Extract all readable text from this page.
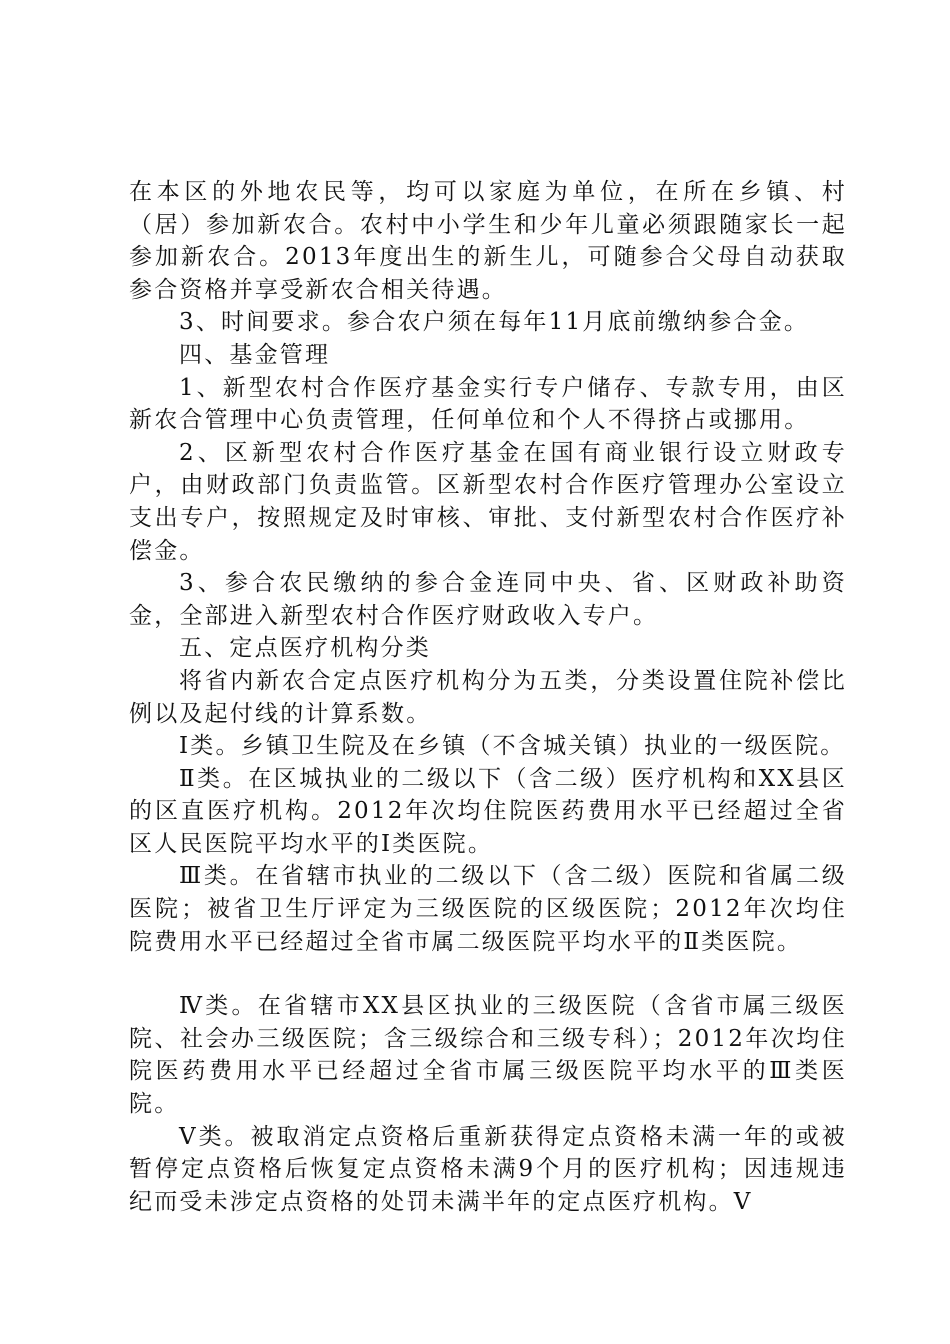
在本区的外地农民等，均可以家庭为单位，在所在乡镇、村（居）参加新农合。农村中小学生和少年儿童必须跟随家长一起参加新农合。2013年度出生的新生儿，可随参合父母自动获取参合资格并享受新农合相关待遇。

3、时间要求。参合农户须在每年11月底前缴纳参合金。

四、基金管理

1、新型农村合作医疗基金实行专户储存、专款专用，由区新农合管理中心负责管理，任何单位和个人不得挤占或挪用。

2、区新型农村合作医疗基金在国有商业银行设立财政专户，由财政部门负责监管。区新型农村合作医疗管理办公室设立支出专户，按照规定及时审核、审批、支付新型农村合作医疗补偿金。

3、参合农民缴纳的参合金连同中央、省、区财政补助资金，全部进入新型农村合作医疗财政收入专户。

五、定点医疗机构分类

将省内新农合定点医疗机构分为五类，分类设置住院补偿比例以及起付线的计算系数。

Ⅰ类。乡镇卫生院及在乡镇（不含城关镇）执业的一级医院。

Ⅱ类。在区城执业的二级以下（含二级）医疗机构和XX县区的区直医疗机构。2012年次均住院医药费用水平已经超过全省区人民医院平均水平的Ⅰ类医院。

Ⅲ类。在省辖市执业的二级以下（含二级）医院和省属二级医院；被省卫生厅评定为三级医院的区级医院；2012年次均住院费用水平已经超过全省市属二级医院平均水平的Ⅱ类医院。

Ⅳ类。在省辖市XX县区执业的三级医院（含省市属三级医院、社会办三级医院；含三级综合和三级专科）；2012年次均住院医药费用水平已经超过全省市属三级医院平均水平的Ⅲ类医院。

Ⅴ类。被取消定点资格后重新获得定点资格未满一年的或被暂停定点资格后恢复定点资格未满9个月的医疗机构；因违规违纪而受未涉定点资格的处罚未满半年的定点医疗机构。Ⅴ
